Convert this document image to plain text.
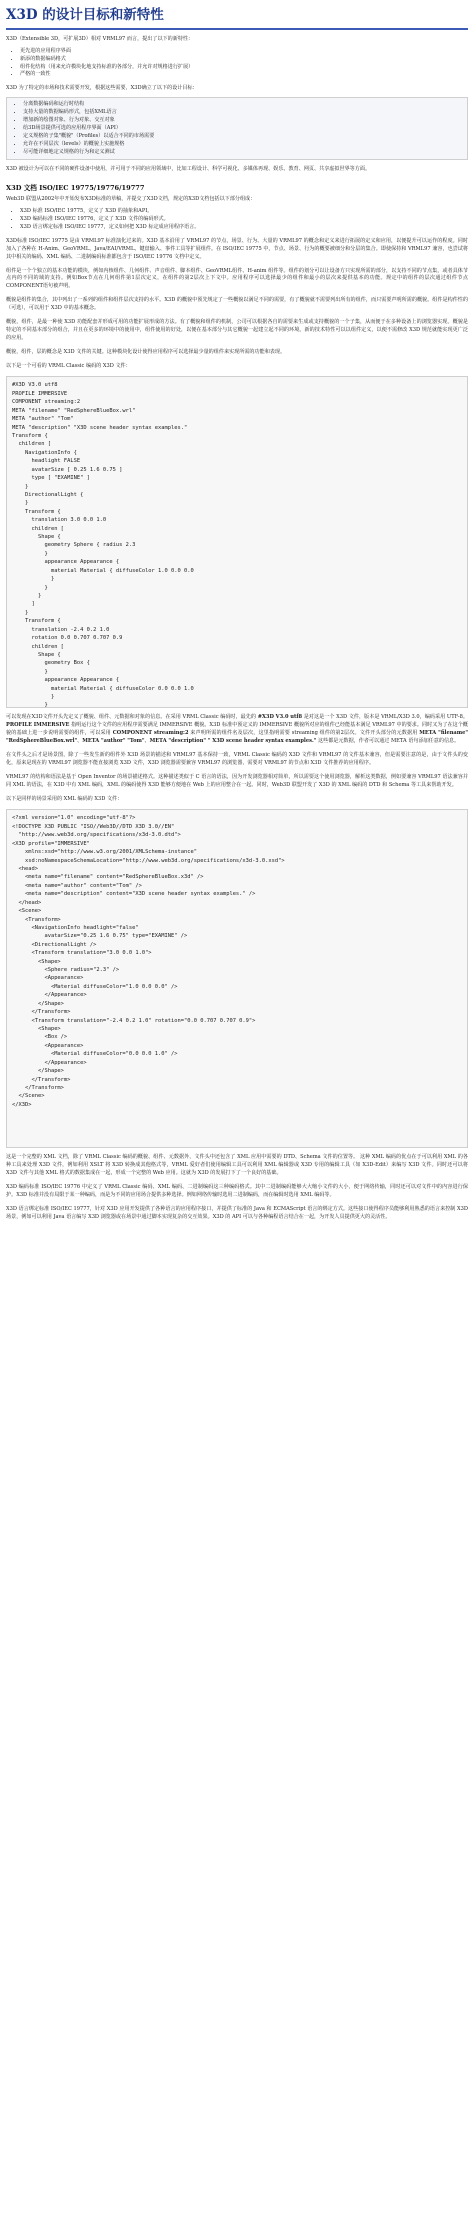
X3D 的设计目标和新特性

X3D（Extensible 3D，可扩展3D）相对 VRML97 而言，提出了以下的新特性：

• 更先进的应用程序界面
• 新添的数据编码格式
• 组件化结构（用来允许模块化地支持标准的各部分，并允许对规格进行扩展）
• 严格的一致性

X3D 为了特定的市场和技术需要开发，根据这些需要，X3D确立了以下的设计目标：

• 分离数据编码和运行时结构
• 支持大量的数据编码形式，包括XML语言
• 增加新的绘图对象、行为对象、交互对象
• 给3D场景提供可选的应用程序界面（API）
• 定义规格的子集"概貌"（Profiles）以适合不同的市场需要
• 允许在不同层次（levels）的概貌上实施规格
• 尽可能详细地定义规格的行为和定义测试

X3D 被设计为可以在不同的硬件设备中使用，并可用于不同的应用领域中，比如工程设计、科学可视化、多媒体再现、娱乐、教育、网页、共享虚拟世界等方面。

X3D 文档 ISO/IEC 19775/19776/19777

Web3D 联盟从2002年中开始发布X3D标准的草稿，并提交了X3D文档，规定的X3D文档包括以下部分组成：

• X3D 标准 ISO/IEC 19775，定义了 X3D 的抽象和API。
• X3D 编码标准 ISO/IEC 19776，定义了 X3D 文件的编码形式。
• X3D 语言绑定标准 ISO/IEC 19777，定义如何把 X3D 标定成应用程序语言。

X3D标准 ISO/IEC 19775 是由 VRML97 标准演化过来的。X3D 基本沿用了 VRML97 的节点，场景、行为、大量的 VRML97 的概念和定义来进行拓展的定义和应用，以便提升可以运作的程度。同时加入了各种在 H-Anim、GeoVRML、Java/EAI/VRML、键盘输入、事件工具等扩展组件。在 ISO/IEC 19775 中，节点、场景、行为的概要被细分和分层的集合。即使保持和 VRML97 兼容，也尝试将其中相关的编码、XML 编码、二进制编码标准都包含于 ISO/IEC 19776 文档中定义。

组件是一个个独立的基本功能的模块，例如内核组件、几何组件、声音组件、脚本组件、GeoVRML组件、H-anim 组件等。组件的划分可以让设备方只实现所需的部分，以支持不同的节点集，或者具体节点内的不同的域的支持。例如Box节点在几何组件第1层次定义，在组件的第2层次上下文中。应用程序可以选择最少的组件和最小的层次来提供基本的功能。规定中的组件的层次通过组件节点COMPONENT语句被声明。

概貌是组件的集合，其中列出了一系列的组件和组件层次支持的水平。X3D 的概貌中预先规定了一些概貌以满足不同的需要，有了概貌就不需要列出所有的组件，而只需要声明所需的概貌。组件是构件性的（可选），可以用于 X3D 中的基本概念。

概貌，组件，是最一种使 X3D 功能配套并形成可用的功能扩展形成的方法。有了概貌和组件的机制，公司可以根据各自的需要来生成或支持概貌的一个子集，从而便于在多种设备上的浏览器实现。概貌是特定的不同基本部分的组合，并且在更多的环境中的使用中，组件使用的好处，以便在基本部分与其它概貌一起建立起不同的环境。新的技术特性可以以组件定义，以便不需修改 X3D 规范就能实现更广泛的应用。

概貌，组件，层的概念是 X3D 文件的关键。这种模块化设计使得应用程序可以选择最少量的组件来实现所需的功能和表现。

以下是一个可看的 VRML Classic 编码的 X3D 文件：

#X3D V3.0 utf8
PROFILE IMMERSIVE
COMPONENT streaming:2
META "filename" "RedSphereBlueBox.wrl"
META "author" "Tom"
META "description" "X3D scene header syntax examples."
Transform {
children [
NavigationInfo {
headlight FALSE
avatarSize [ 0.25 1.6 0.75 ]
type [ "EXAMINE" ]
}
DirectionalLight {
}
Transform {
translation 3.0 0.0 1.0
children [
Shape {
geometry Sphere { radius 2.3
}
appearance Appearance {
material Material { diffuseColor 1.0 0.0 0.0
}
}
}
]
}
Transform {
translation -2.4 0.2 1.0
rotation 0.0 0.707 0.707 0.9
children [
Shape {
geometry Box {
}
appearance Appearance {
material Material { diffuseColor 0.0 0.0 1.0
}
}

可以发现在X3D文件开头先定义了概貌、组件、元数据和对象的信息。在采用 VRML Classic 编码时，最先的 #X3D V3.0 utf8 是对这是一个 X3D 文件，版本是 VRML/X3D 3.0，编码采用 UTF-8。PROFILE IMMERSIVE 指明运行这个文件的应用程序需要满足 IMMERSIVE 概貌。X3D 标准中预定义的 IMMERSIVE 概貌所对应的组件已经能基本满足 VRML97 中的要求。同时又为了在这个概貌的基础上进一步说明需要的组件，可以采用 COMPONENT streaming:2 来声明所需的组件名及层次，这里指明需要 streaming 组件的第2层次。文件开头部分的元数据用 META "filename" "RedSphereBlueBox.wrl"、META "author" "Tom"、META "description" " X3D scene header syntax examples." 这些都是元数据，作者可以通过 META 语句添加任意的信息。

在文件头之后才是场景图，除了一些发生新的组件外 X3D 场景的描述和 VRML97 基本保持一致，VRML Classic 编码的 X3D 文件和 VRML97 的文件基本兼容，但是需要注意的是，由于文件头的变化，原来是现在的 VRML97 浏览器不能直接浏览 X3D 文件，X3D 浏览器需要兼容 VRML97 的浏览器，需要对 VRML97 的节点和 X3D 文件推荐的应用程序。

VRML97 的结构和语法是基于 Open Inventor 的场景描述格式。这种描述类似于 C 语言的语法，因为开发浏览器相对简单，所以需要这个使用浏览器，解析这类数据，例如要兼容 VRML97 语法兼容并同 XML 的语法，在 X3D 中有 XML 编码，XML 的编码使得 X3D 能够方便地在 Web 上的应用整合在一起。同时，Web3D 联盟开发了 X3D 的 XML 编码的 DTD 和 Schema 等工具来帮助开发。

以下是同样的场景采用的 XML 编码的 X3D 文件：

<?xml version="1.0" encoding="utf-8"?>
<!DOCTYPE X3D PUBLIC "ISO//Web3D//DTD X3D 3.0//EN"
"http://www.web3d.org/specifications/x3d-3.0.dtd">
<X3D profile="IMMERSIVE"
xmlns:xsd="http://www.w3.org/2001/XMLSchema-instance"
xsd:noNamespaceSchemaLocation="http://www.web3d.org/specifications/x3d-3.0.xsd">
<head>
<meta name="filename" content="RedSphereBlueBox.x3d" />
<meta name="author" content="Tom" />
<meta name="description" content="X3D scene header syntax examples." />
</head>
<Scene>
<Transform>
<NavigationInfo headlight="false"
avatarSize="0.25 1.6 0.75" type="EXAMINE" />
<DirectionalLight />
<Transform translation="3.0 0.0 1.0">
<Shape>
<Sphere radius="2.3" />
<Appearance>
<Material diffuseColor="1.0 0.0 0.0" />
</Appearance>
</Shape>
</Transform>
<Transform translation="-2.4 0.2 1.0" rotation="0.0 0.707 0.707 0.9">
<Shape>
<Box />
<Appearance>
<Material diffuseColor="0.0 0.0 1.0" />
</Appearance>
</Shape>
</Transform>
</Transform>
</Scene>
</X3D>

这是一个完整的 XML 文档，除了 VRML Classic 编码的概貌、组件、元数据外，文件头中还包含了 XML 应用中需要的 DTD、Schema 文件的位置等。 这种 XML 编码的优点在于可以利用 XML 的各种工具来处理 X3D 文件，例如利用 XSLT 将 X3D 转换成其他格式等，VRML 爱好者们使用编辑工具可以利用 XML 编辑器或 X3D 专用的编辑工具（如 X3D-Edit）来编写 X3D 文件。同时还可以将 X3D 文件与其他 XML 格式的数据集成在一起，形成一个完整的 Web 应用。这就为 X3D 的发展打下了一个良好的基础。

X3D 编码标准 ISO/IEC 19776 中定义了 VRML Classic 编码、XML 编码、二进制编码这三种编码格式。其中二进制编码能够大大缩小文件的大小，便于网络传输，同时还可以对文件中的内容进行保护。X3D 标准并没有局限于某一种编码，而是为不同的应用场合提供多种选择。例如网络传输时选用二进制编码，而在编辑时选用 XML 编码等。

X3D 语言绑定标准 ISO/IEC 19777，针对 X3D 应用开发提供了各种语言的应用程序接口，并提供了标准的 Java 和 ECMAScript 语言的绑定方式。这些接口使得程序员能够利用熟悉的语言来控制 X3D 场景，例如可以利用 Java 语言编写 X3D 浏览器或在场景中通过脚本实现复杂的交互效果。X3D 的 API 可以与各种编程语言结合在一起，为开发人员提供更大的灵活性。
